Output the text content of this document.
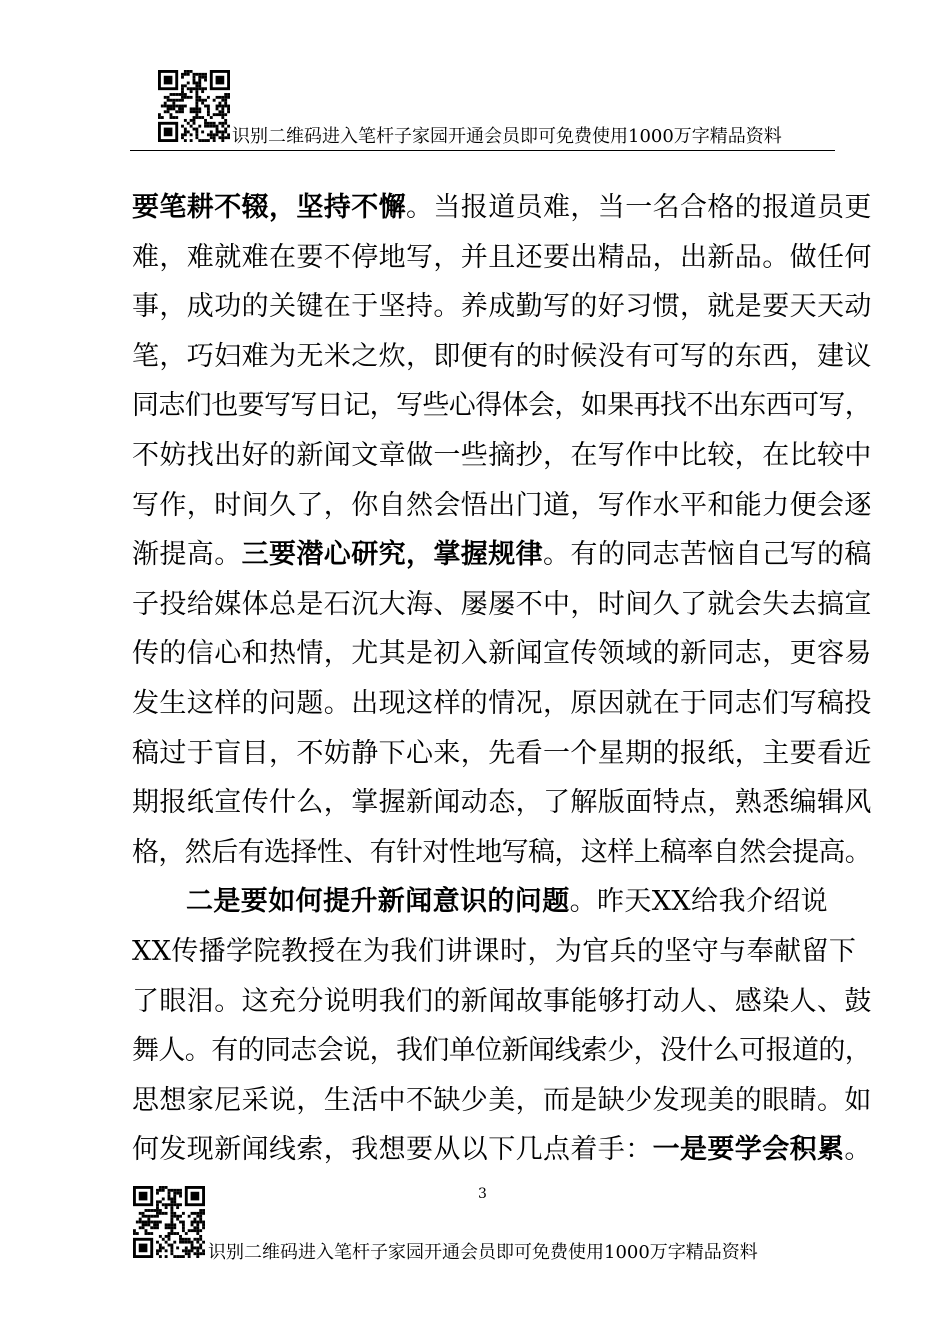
识别二维码进入笔杆子家园开通会员即可免费使用1000万字精品资料
要笔耕不辍，坚持不懈。当报道员难，当一名合格的报道员更
难，难就难在要不停地写，并且还要出精品，出新品。做任何
事，成功的关键在于坚持。养成勤写的好习惯，就是要天天动
笔，巧妇难为无米之炊，即便有的时候没有可写的东西，建议
同志们也要写写日记，写些心得体会，如果再找不出东西可写，
不妨找出好的新闻文章做一些摘抄，在写作中比较，在比较中
写作，时间久了，你自然会悟出门道，写作水平和能力便会逐
渐提高。三要潜心研究，掌握规律。有的同志苦恼自己写的稿
子投给媒体总是石沉大海、屡屡不中，时间久了就会失去搞宣
传的信心和热情，尤其是初入新闻宣传领域的新同志，更容易
发生这样的问题。出现这样的情况，原因就在于同志们写稿投
稿过于盲目，不妨静下心来，先看一个星期的报纸，主要看近
期报纸宣传什么，掌握新闻动态，了解版面特点，熟悉编辑风
格，然后有选择性、有针对性地写稿，这样上稿率自然会提高。
二是要如何提升新闻意识的问题。昨天XX给我介绍说
XX传播学院教授在为我们讲课时，为官兵的坚守与奉献留下
了眼泪。这充分说明我们的新闻故事能够打动人、感染人、鼓
舞人。有的同志会说，我们单位新闻线索少，没什么可报道的，
思想家尼采说，生活中不缺少美，而是缺少发现美的眼睛。如
何发现新闻线索，我想要从以下几点着手：一是要学会积累。
3
识别二维码进入笔杆子家园开通会员即可免费使用1000万字精品资料
